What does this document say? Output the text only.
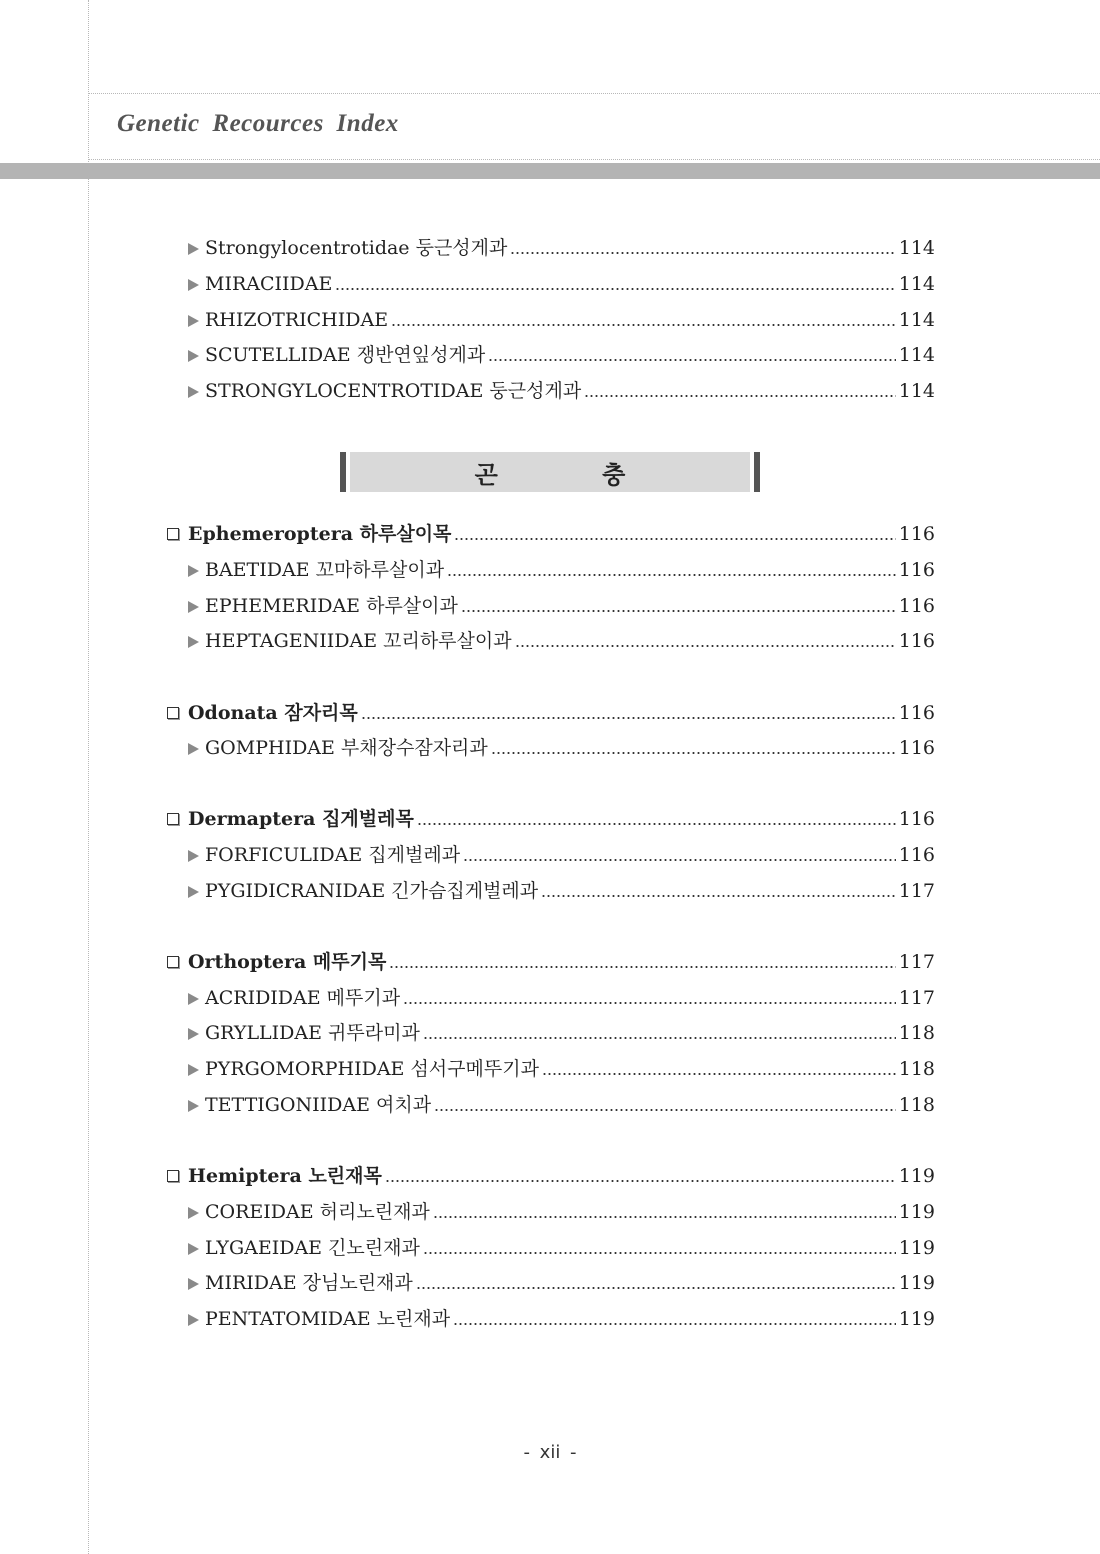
Genetic Recources Index
Strongylocentrotidae 둥근성게과	114
MIRACIIDAE	114
RHIZOTRICHIDAE	114
SCUTELLIDAE 쟁반연잎성게과	114
STRONGYLOCENTROTIDAE 둥근성게과	114
곤 충
Ephemeroptera 하루살이목	116
BAETIDAE 꼬마하루살이과	116
EPHEMERIDAE 하루살이과	116
HEPTAGENIIDAE 꼬리하루살이과	116
Odonata 잠자리목	116
GOMPHIDAE 부채장수잠자리과	116
Dermaptera 집게벌레목	116
FORFICULIDAE 집게벌레과	116
PYGIDICRANIDAE 긴가슴집게벌레과	117
Orthoptera 메뚜기목	117
ACRIDIDAE 메뚜기과	117
GRYLLIDAE 귀뚜라미과	118
PYRGOMORPHIDAE 섬서구메뚜기과	118
TETTIGONIIDAE 여치과	118
Hemiptera 노린재목	119
COREIDAE 허리노린재과	119
LYGAEIDAE 긴노린재과	119
MIRIDAE 장님노린재과	119
PENTATOMIDAE 노린재과	119
- xii -
